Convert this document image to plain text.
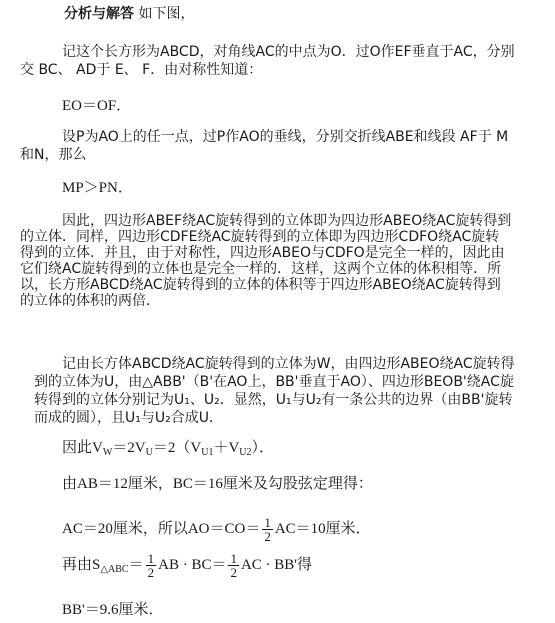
分析与解答 如下图，
记这个长方形为ABCD，对角线AC的中点为O．过O作EF垂直于AC，分别
交 BC、 AD于 E、 F．由对称性知道：
EO＝OF．
设P为AO上的任一点，过P作AO的垂线，分别交折线ABE和线段 AF于 M
和N，那么
MP＞PN．
因此，四边形ABEF绕AC旋转得到的立体即为四边形ABEO绕AC旋转得到
的立体．同样，四边形CDFE绕AC旋转得到的立体即为四边形CDFO绕AC旋转
得到的立体．并且，由于对称性，四边形ABEO与CDFO是完全一样的，因此由
它们绕AC旋转得到的立体也是完全一样的．这样，这两个立体的体积相等．所
以，长方形ABCD绕AC旋转得到的立体的体积等于四边形ABEO绕AC旋转得到
的立体的体积的两倍．
记由长方体ABCD绕AC旋转得到的立体为W，由四边形ABEO绕AC旋转得
到的立体为U，由△ABB'（B'在AO上，BB'垂直于AO）、四边形BEOB'绕AC旋
转得到的立体分别记为U₁、U₂．显然，U₁与U₂有一条公共的边界（由BB'旋转
而成的圆），且U₁与U₂合成U．
因此$V_W=2V_U=2(V_{U1}+V_{U2})$．
由AB＝12厘米，BC＝16厘米及勾股弦定理得：
AC＝20厘米，所以$AO=CO= \frac{1}{2} AC=10$厘米．
再由$S_{\triangle ABC}= \frac{1}{2}$ AB · $BC= \frac{1}{2}$ AC · BB'得
BB'＝9.6厘米．
